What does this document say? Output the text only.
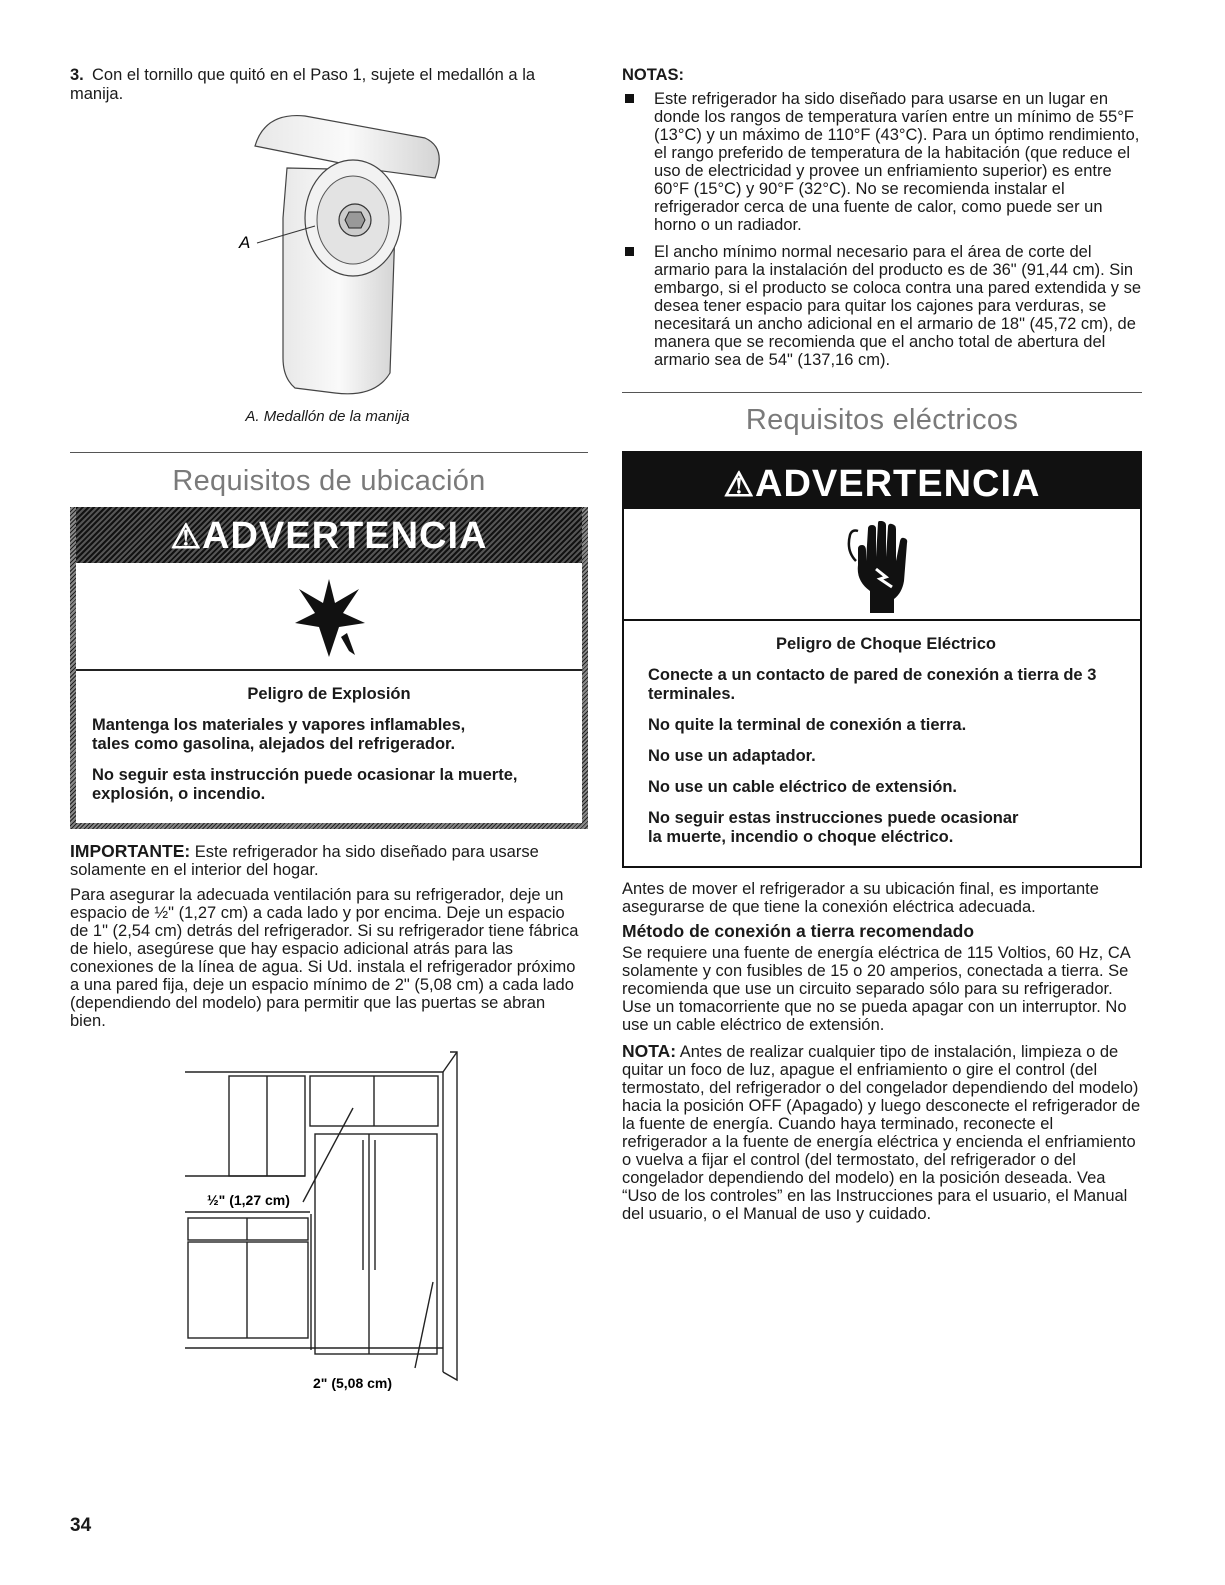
3. Con el tornillo que quitó en el Paso 1, sujete el medallón a la manija.
A
A. Medallón de la manija
Requisitos de ubicación
⚠ADVERTENCIA

Peligro de Explosión

Mantenga los materiales y vapores inflamables,
tales como gasolina, alejados del refrigerador.

No seguir esta instrucción puede ocasionar la muerte,
explosión, o incendio.

IMPORTANTE: Este refrigerador ha sido diseñado para usarse solamente en el interior del hogar.

Para asegurar la adecuada ventilación para su refrigerador, deje un espacio de ½" (1,27 cm) a cada lado y por encima. Deje un espacio de 1" (2,54 cm) detrás del refrigerador. Si su refrigerador tiene fábrica de hielo, asegúrese que hay espacio adicional atrás para las conexiones de la línea de agua. Si Ud. instala el refrigerador próximo a una pared fija, deje un espacio mínimo de 2" (5,08 cm) a cada lado (dependiendo del modelo) para permitir que las puertas se abran bien.

½" (1,27 cm)
2" (5,08 cm)
34
NOTAS:
Este refrigerador ha sido diseñado para usarse en un lugar en donde los rangos de temperatura varíen entre un mínimo de 55°F (13°C) y un máximo de 110°F (43°C). Para un óptimo rendimiento, el rango preferido de temperatura de la habitación (que reduce el uso de electricidad y provee un enfriamiento superior) es entre 60°F (15°C) y 90°F (32°C). No se recomienda instalar el refrigerador cerca de una fuente de calor, como puede ser un horno o un radiador.
El ancho mínimo normal necesario para el área de corte del armario para la instalación del producto es de 36" (91,44 cm). Sin embargo, si el producto se coloca contra una pared extendida y se desea tener espacio para quitar los cajones para verduras, se necesitará un ancho adicional en el armario de 18" (45,72 cm), de manera que se recomienda que el ancho total de abertura del armario sea de 54" (137,16 cm).
Requisitos eléctricos
⚠ADVERTENCIA

Peligro de Choque Eléctrico

Conecte a un contacto de pared de conexión a tierra de 3 terminales.

No quite la terminal de conexión a tierra.

No use un adaptador.

No use un cable eléctrico de extensión.

No seguir estas instrucciones puede ocasionar
la muerte, incendio o choque eléctrico.

Antes de mover el refrigerador a su ubicación final, es importante asegurarse de que tiene la conexión eléctrica adecuada.

Método de conexión a tierra recomendado

Se requiere una fuente de energía eléctrica de 115 Voltios, 60 Hz, CA solamente y con fusibles de 15 o 20 amperios, conectada a tierra. Se recomienda que use un circuito separado sólo para su refrigerador. Use un tomacorriente que no se pueda apagar con un interruptor. No use un cable eléctrico de extensión.

NOTA: Antes de realizar cualquier tipo de instalación, limpieza o de quitar un foco de luz, apague el enfriamiento o gire el control (del termostato, del refrigerador o del congelador dependiendo del modelo) hacia la posición OFF (Apagado) y luego desconecte el refrigerador de la fuente de energía. Cuando haya terminado, reconecte el refrigerador a la fuente de energía eléctrica y encienda el enfriamiento o vuelva a fijar el control (del termostato, del refrigerador o del congelador dependiendo del modelo) en la posición deseada. Vea “Uso de los controles” en las Instrucciones para el usuario, el Manual del usuario, o el Manual de uso y cuidado.
